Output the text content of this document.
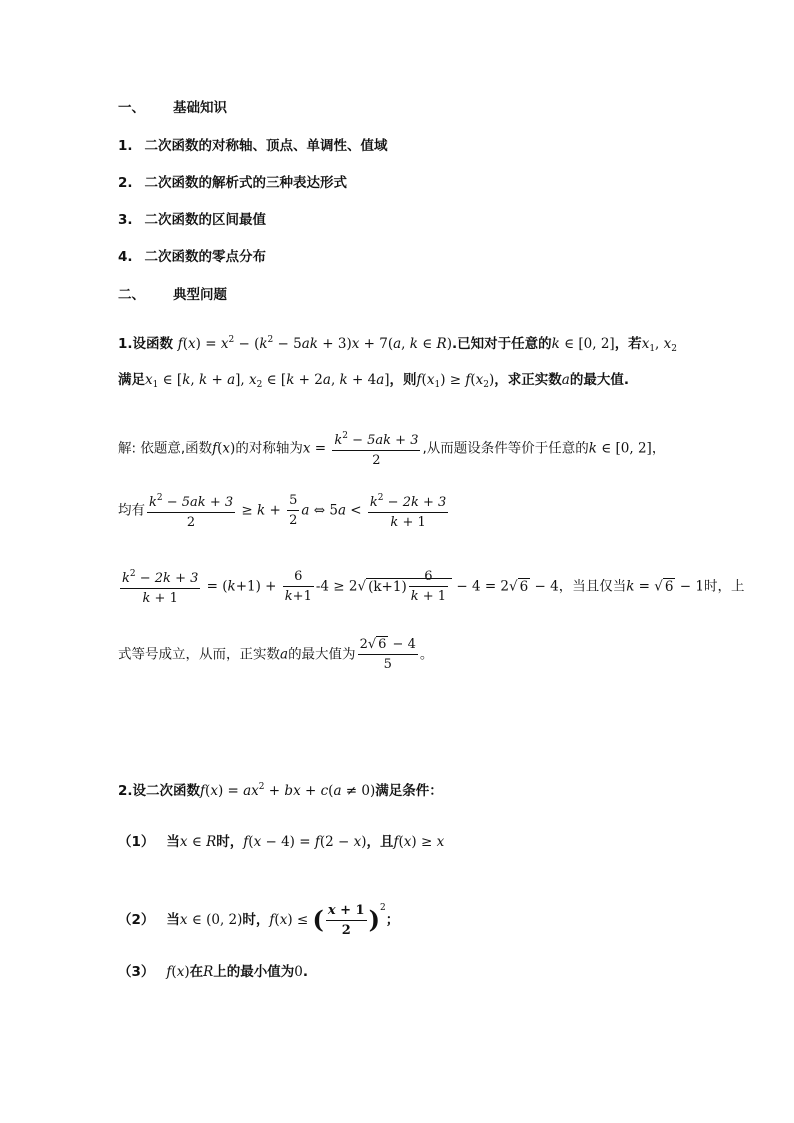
一、 基础知识
1. 二次函数的对称轴、顶点、单调性、值域
2. 二次函数的解析式的三种表达形式
3. 二次函数的区间最值
4. 二次函数的零点分布
二、 典型问题
1.设函数 $f(x) = x^2 - (k^2 - 5ak + 3)x + 7(a$, k ∈ R).已知对于任意的k ∈ [0, 2]，若$x_1$, $x_2$
满足$x_1$ ∈ [k, k + a], $x_2$ ∈ [k + 2a, k + 4a]，则$f(x_1) \ge f(x_2)$，求正实数a的最大值.
解: 依题意,函数f(x)的对称轴为$x = \frac{k^2 - 5ak + 3}{2}$ ,从而题设条件等价于任意的k ∈ [0, 2]，
均有 $\frac{k^2 - 5ak + 3}{2} \ge k + \frac{5}{2}$ a ⇔ $5a < \frac{k^2 - 2k + 3}{k + 1}$
$\frac{k^2 - 2k + 3}{k + 1} = (k+1) + \frac{6}{k+1} -4 \ge 2√$ $(k+1) \frac{6}{k + 1} - 4 = 2√$ 6 − 4，当且仅当k = √ 6 − 1时，上
式等号成立，从而，正实数a的最大值为 $\frac{2√ 6 - 4}{5}$ 。
2.设二次函数$f(x) = ax^2$ + bx + c(a ≠ 0)满足条件：
（1） 当x ∈ R时，f(x − 4) = f(2 − x)，且f(x) ≥ x
（2） 当x ∈ (0, 2)时，f(x) ≤ ( $\frac{x + 1}{2} )^2$；
（3） f(x)在R上的最小值为0.
